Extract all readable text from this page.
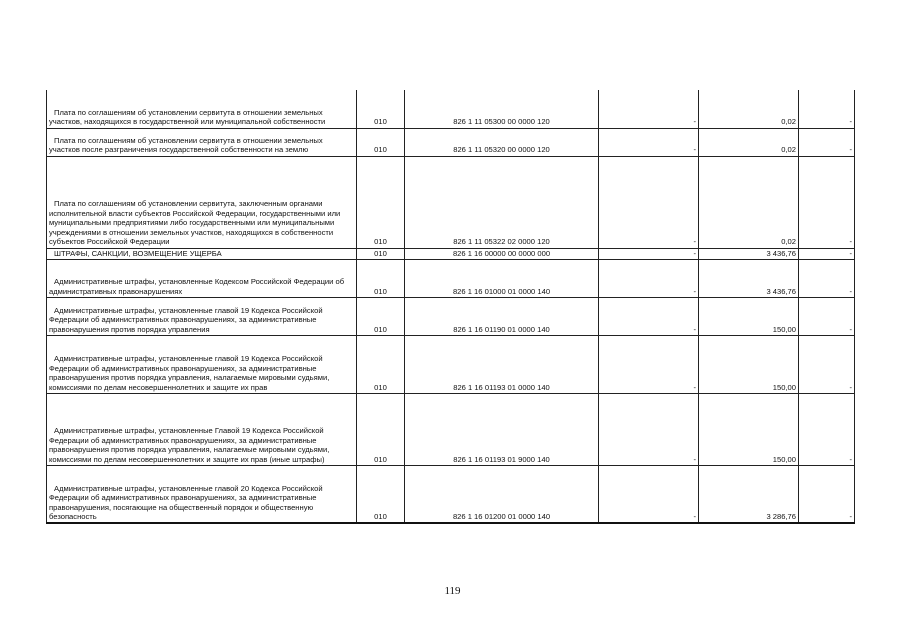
Плата по соглашениям об установлении сервитута в отношении земельных участков, находящихся в государственной или муниципальной собственности	010	826 1 11 05300 00 0000 120	-	0,02	-
Плата по соглашениям об установлении сервитута в отношении земельных участков после разграничения государственной собственности на землю	010	826 1 11 05320 00 0000 120	-	0,02	-
Плата по соглашениям об установлении сервитута, заключенным органами исполнительной власти субъектов Российской Федерации, государственными или муниципальными предприятиями либо государственными или муниципальными учреждениями в отношении земельных участков, находящихся в собственности субъектов Российской Федерации	010	826 1 11 05322 02 0000 120	-	0,02	-
ШТРАФЫ, САНКЦИИ, ВОЗМЕЩЕНИЕ УЩЕРБА	010	826 1 16 00000 00 0000 000	-	3 436,76	-
Административные штрафы, установленные Кодексом Российской Федерации об административных правонарушениях	010	826 1 16 01000 01 0000 140	-	3 436,76	-
Административные штрафы, установленные главой 19 Кодекса Российской Федерации об административных правонарушениях, за административные правонарушения против порядка управления	010	826 1 16 01190 01 0000 140	-	150,00	-
Административные штрафы, установленные главой 19 Кодекса Российской Федерации об административных правонарушениях, за административные правонарушения против порядка управления, налагаемые мировыми судьями, комиссиями по делам несовершеннолетних и защите их прав	010	826 1 16 01193 01 0000 140	-	150,00	-
Административные штрафы, установленные Главой 19 Кодекса Российской Федерации об административных правонарушениях, за административные правонарушения против порядка управления, налагаемые мировыми судьями, комиссиями по делам несовершеннолетних и защите их прав (иные штрафы)	010	826 1 16 01193 01 9000 140	-	150,00	-
Административные штрафы, установленные главой 20 Кодекса Российской Федерации об административных правонарушениях, за административные правонарушения, посягающие на общественный порядок и общественную безопасность	010	826 1 16 01200 01 0000 140	-	3 286,76	-
119
